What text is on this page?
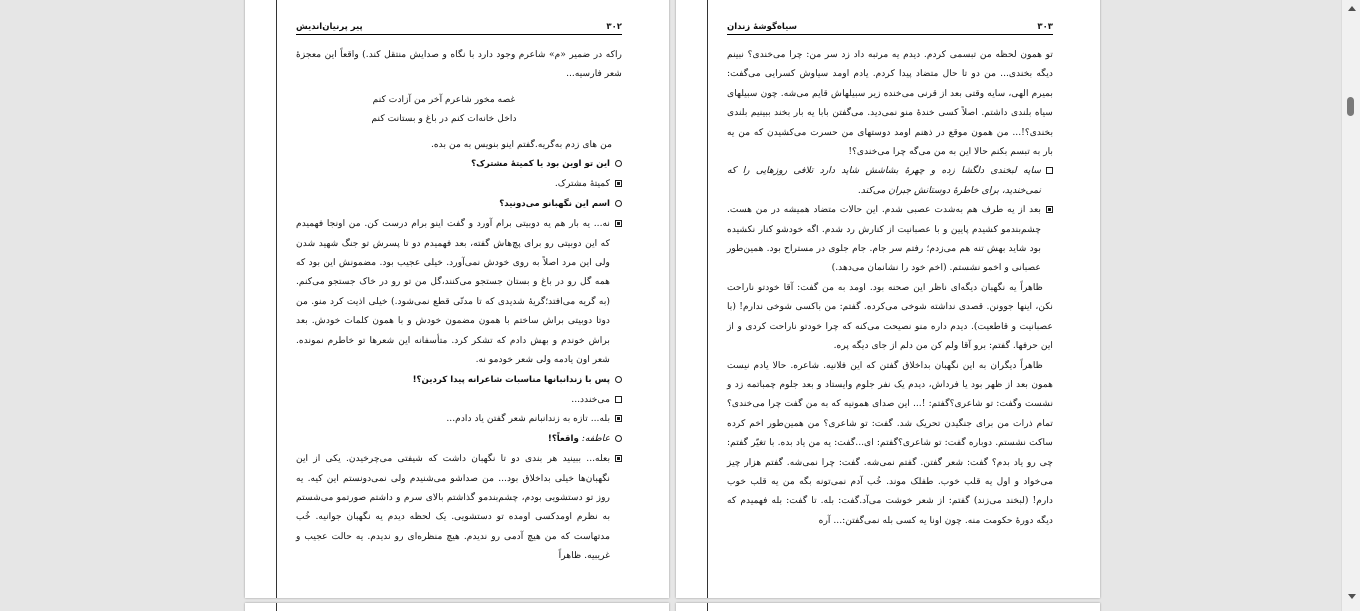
۳۰۲
پیر پرنیان‌اندیش
راکه در ضمیر «م» شاعرم وجود دارد با نگاه و صدایش منتقل کند.) واقعاً این معجزهٔ شعر فارسیه...
غصه مخور شاعرم آخر من آزادت کنم
داخل خانه‌ات کنم در باغ و بستانت کنم
من های زدم به‌گریه.گفتم اینو بنویس به من بده.
این تو اوین بود یا کمیتهٔ مشترک؟
کمیتهٔ مشترک.
اسم این نگهبانو می‌دونید؟
نه... یه بار هم یه دوبیتی برام آورد و گفت اینو برام درست کن. من اونجا فهمیدم که این دوبیتی رو برای پچ‌هاش گفته، بعد فهمیدم دو تا پسرش تو جنگ شهید شدن ولی این مرد اصلاً به روی خودش نمی‌آورد. خیلی عجیب بود. مضمونش این بود که همه گل رو در باغ و بستان جستجو می‌کنند،گل من تو رو در خاک جستجو می‌کنم. (به گریه می‌افتد؛گریهٔ شدیدی که تا مدتّی قطع نمی‌شود.) خیلی اذیت کرد منو. من دوتا دوبیتی براش ساختم با همون مضمون خودش و با همون کلمات خودش. بعد براش خوندم و بهش دادم که تشکر کرد. متأسفانه این شعرها تو خاطرم نمونده. شعر اون یادمه ولی شعر خودمو نه.
پس با زندانبانها مناسبات شاعرانه پیدا کردین؟!
می‌خندد...
بله... تازه به زندانبانم شعر گفتن یاد دادم...
عاطفه: واقعاً؟!
بعله... ببینید هر بندی دو تا نگهبان داشت که شیفتی می‌چرخیدن. یکی از این نگهبان‌ها خیلی بداخلاق بود... من صداشو می‌شنیدم ولی نمی‌دونستم این کیه. یه روز تو دستشویی بودم، چشم‌بندمو گذاشتم بالای سرم و داشتم صورتمو می‌شستم به نظرم اومدکسی اومده تو دستشویی. یک لحظه دیدم یه نگهبان جوانیه. خُب مدتهاست که من هیچ آدمی رو ندیدم. هیچ منظره‌ای رو ندیدم. یه حالت عجیب و غریبیه. ظاهراً
۳۰۳
سیاه‌گوشهٔ زندان
تو همون لحظه من تبسمی کردم. دیدم یه مرتبه داد زد سر من: چرا می‌خندی؟ نبینم دیگه بخندی... من دو تا حال متضاد پیدا کردم. یادم اومد سیاوش کسرایی می‌گفت: بمیرم الهی، سایه وقتی بعد از قرنی می‌خنده زیر سبیلهاش قایم می‌شه. چون سبیلهای سیاه بلندی داشتم. اصلاً کسی خندهٔ منو نمی‌دید. می‌گفتن بابا یه بار بخند ببینیم بلندی بخندی؟!... من همون موقع در ذهنم اومد دوستهای من حسرت می‌کشیدن که من یه بار به تبسم بکنم حالا این به من می‌گه چرا می‌خندی؟!
سایه لبخندی دلگشا زده و چهرهٔ بشاشش شاید دارد تلافی روزهایی را که نمی‌خندید، برای خاطرهٔ دوستانش جبران می‌کند.
بعد از یه طرف هم به‌شدت عصبی شدم. این حالات متضاد همیشه در من هست. چشم‌بندمو کشیدم پایین و با عصبانیت از کنارش رد شدم. اگه خودشو کنار نکشیده بود شاید بهش تنه هم می‌زدم؛ رفتم سر جام. جام جلوی در مستراح بود. همین‌طور عصبانی و اخمو نشستم. (اخم خود را نشانمان می‌دهد.)
ظاهراً یه نگهبان دیگه‌ای ناظر این صحنه بود. اومد به من گفت: آقا خودتو ناراحت نکن، اینها جوونن. قصدی نداشته شوخی می‌کرده. گفتم: من باکسی شوخی ندارم! (با عصبانیت و قاطعیت). دیدم داره منو نصیحت می‌کنه که چرا خودتو ناراحت کردی و از این حرفها. گفتم: برو آقا ولم کن من دلم از جای دیگه پره.
ظاهراً دیگران به این نگهبان بداخلاق گفتن که این فلانیه. شاعره. حالا یادم نیست همون بعد از ظهر بود یا فرداش، دیدم یک نفر جلوم وایستاد و بعد جلوم چمباتمه زد و نشست وگفت: تو شاعری؟گفتم: !... این صدای همونیه که به من گفت چرا می‌خندی؟ تمام ذرات من برای جنگیدن تحریک شد. گفت: تو شاعری؟ من همین‌طور اخم کرده ساکت نشستم. دوباره گفت: تو شاعری؟گفتم: ای...گفت: یه من یاد بده. با تغیّر گفتم: چی رو یاد بدم؟ گفت: شعر گفتن. گفتم نمی‌شه. گفت: چرا نمی‌شه. گفتم هزار چیز می‌خواد و اول یه قلب خوب. طفلک موند. خُب آدم نمی‌تونه بگه من یه قلب خوب دارم! (لبخند می‌زند) گفتم: از شعر خوشت می‌آد.گفت: بله. تا گفت: بله فهمیدم که دیگه دورهٔ حکومت منه. چون اونا یه کسی بله نمی‌گفتن:... آره
